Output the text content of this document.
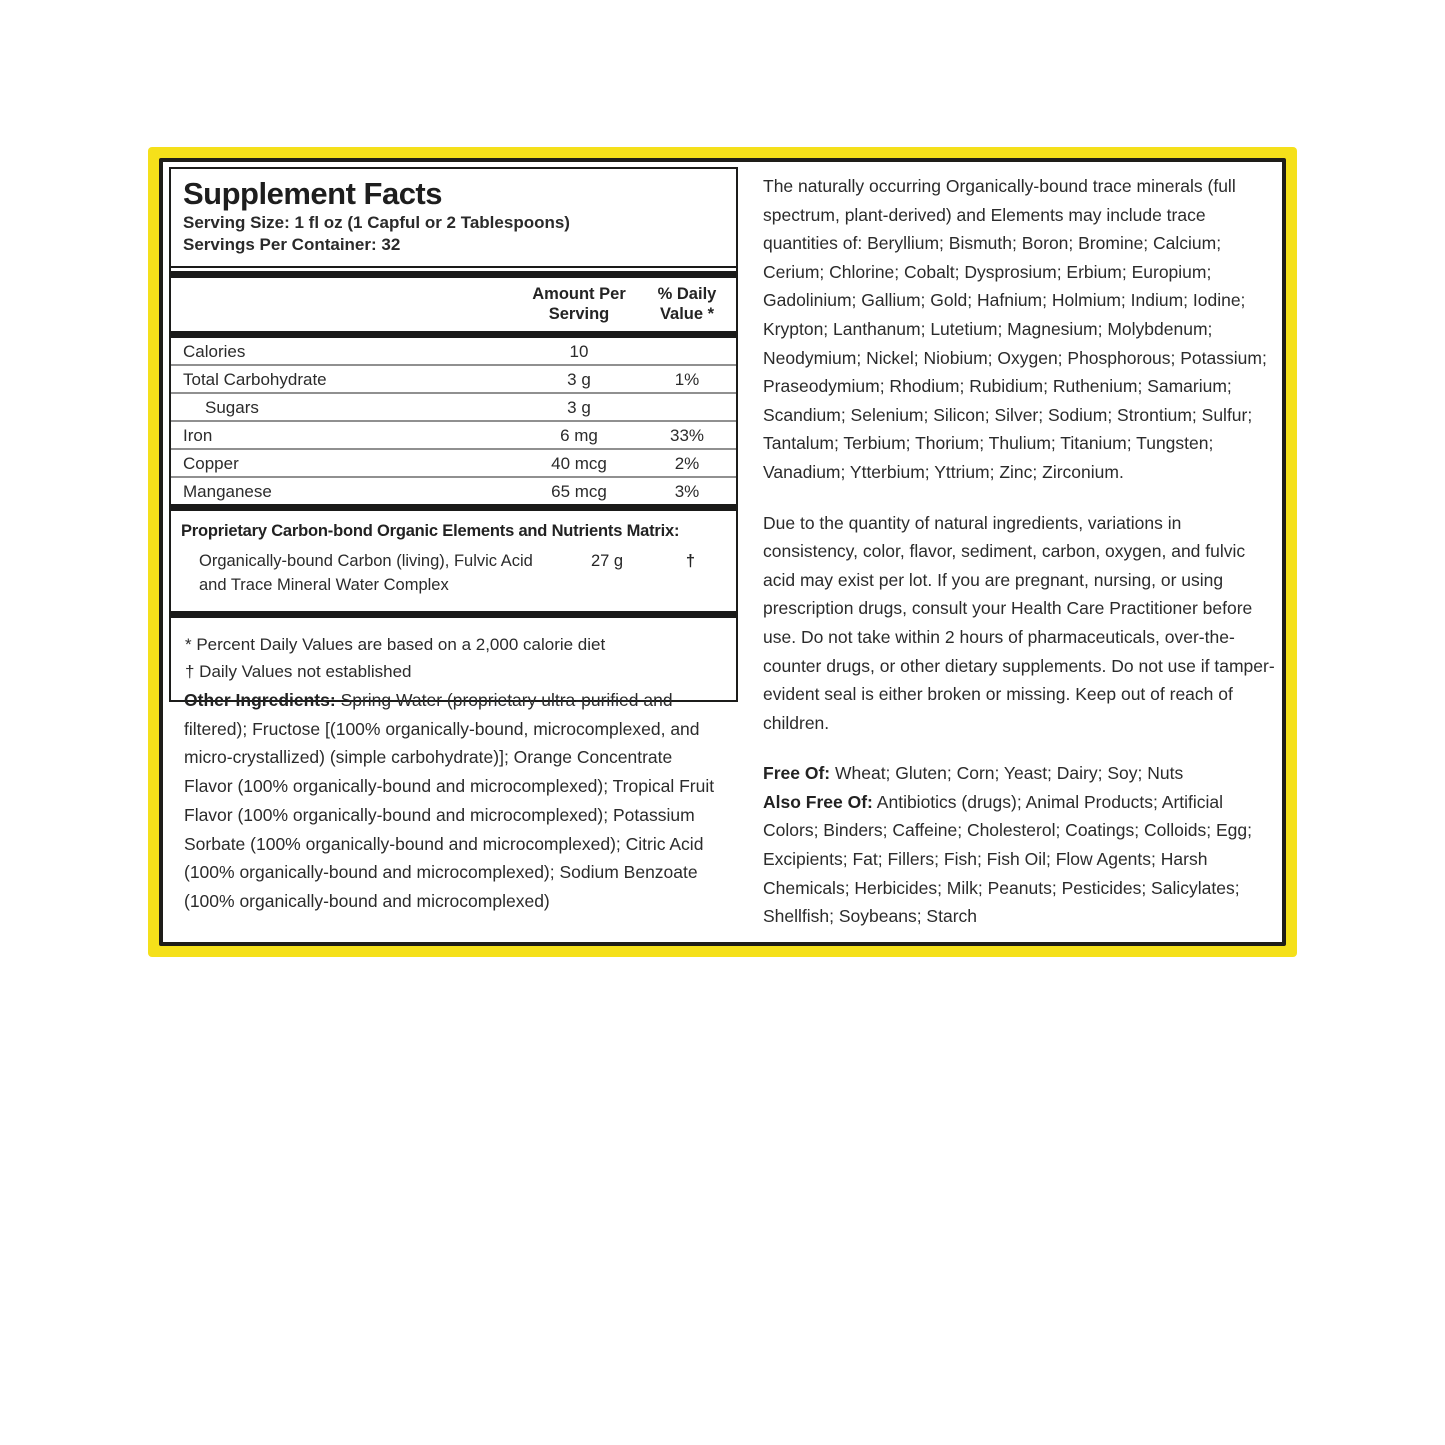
Supplement Facts
Serving Size: 1 fl oz (1 Capful or 2 Tablespoons)
Servings Per Container: 32
Amount Per Serving
% Daily Value *
Calories	10
Total Carbohydrate	3 g	1%
Sugars	3 g
Iron	6 mg	33%
Copper	40 mcg	2%
Manganese	65 mcg	3%
Proprietary Carbon-bond Organic Elements and Nutrients Matrix:
Organically-bound Carbon (living), Fulvic Acid and Trace Mineral Water Complex
27 g	†
* Percent Daily Values are based on a 2,000 calorie diet
† Daily Values not established
Other Ingredients: Spring Water (proprietary ultra-purified and filtered); Fructose [(100% organically-bound, microcomplexed, and micro-crystallized) (simple carbohydrate)]; Orange Concentrate Flavor (100% organically-bound and microcomplexed); Tropical Fruit Flavor (100% organically-bound and microcomplexed); Potassium Sorbate (100% organically-bound and microcomplexed); Citric Acid (100% organically-bound and microcomplexed); Sodium Benzoate (100% organically-bound and microcomplexed)

The naturally occurring Organically-bound trace minerals (full spectrum, plant-derived) and Elements may include trace quantities of: Beryllium; Bismuth; Boron; Bromine; Calcium; Cerium; Chlorine; Cobalt; Dysprosium; Erbium; Europium; Gadolinium; Gallium; Gold; Hafnium; Holmium; Indium; Iodine; Krypton; Lanthanum; Lutetium; Magnesium; Molybdenum; Neodymium; Nickel; Niobium; Oxygen; Phosphorous; Potassium; Praseodymium; Rhodium; Rubidium; Ruthenium; Samarium; Scandium; Selenium; Silicon; Silver; Sodium; Strontium; Sulfur; Tantalum; Terbium; Thorium; Thulium; Titanium; Tungsten; Vanadium; Ytterbium; Yttrium; Zinc; Zirconium.

Due to the quantity of natural ingredients, variations in consistency, color, flavor, sediment, carbon, oxygen, and fulvic acid may exist per lot. If you are pregnant, nursing, or using prescription drugs, consult your Health Care Practitioner before use. Do not take within 2 hours of pharmaceuticals, over-the-counter drugs, or other dietary supplements. Do not use if tamper-evident seal is either broken or missing. Keep out of reach of children.

Free Of: Wheat; Gluten; Corn; Yeast; Dairy; Soy; Nuts

Also Free Of: Antibiotics (drugs); Animal Products; Artificial Colors; Binders; Caffeine; Cholesterol; Coatings; Colloids; Egg; Excipients; Fat; Fillers; Fish; Fish Oil; Flow Agents; Harsh Chemicals; Herbicides; Milk; Peanuts; Pesticides; Salicylates; Shellfish; Soybeans; Starch
